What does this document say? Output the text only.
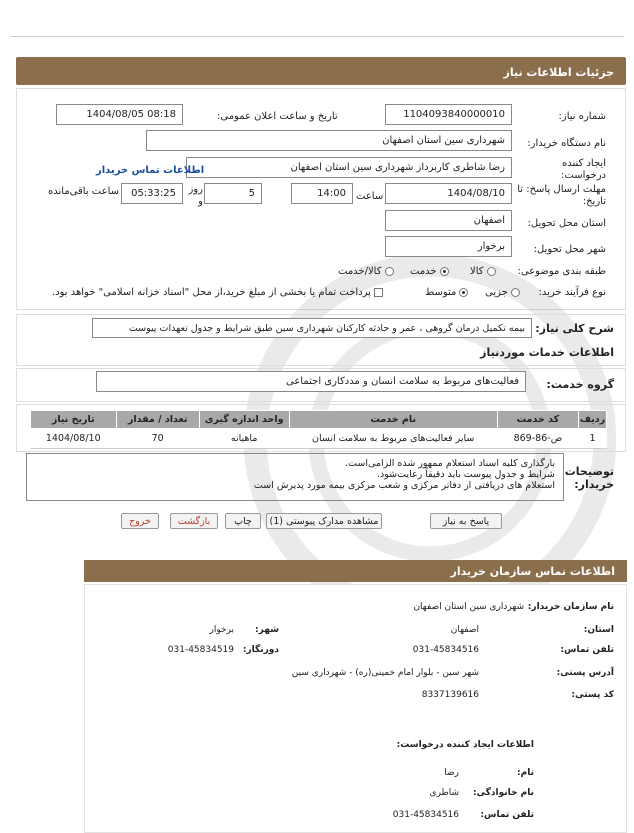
جزئیات اطلاعات نیاز
شماره نیاز:
1104093840000010
تاریخ و ساعت اعلان عمومی:
1404/08/05 08:18
نام دستگاه خریدار:
شهرداری سین استان اصفهان
ایجاد کننده درخواست:
رضا شاطری کاربرداز شهرداری سین استان اصفهان
اطلاعات تماس خریدار
مهلت ارسال پاسخ: تا تاریخ:
1404/08/10
ساعت
14:00
5
روز و
05:33:25
ساعت باقی‌مانده
استان محل تحویل:
اصفهان
شهر محل تحویل:
برخوار
طبقه بندی موضوعی:
کالا
خدمت
کالا/خدمت
نوع فرآیند خرید:
جزیی
متوسط
پرداخت تمام یا بخشی از مبلغ خرید،از محل "اسناد خزانه اسلامی" خواهد بود.
شرح کلی نیاز:
بیمه تکمیل درمان گروهی ، عمر و حادثه کارکنان شهرداری سین طبق شرایط و جدول تعهدات پیوست
اطلاعات خدمات موردنیاز
گروه خدمت:
فعالیت‌های مربوط به سلامت انسان و مددکاری اجتماعی
ردیف	کد خدمت	نام خدمت	واحد اندازه گیری	تعداد / مقدار	تاریخ نیاز
1	ص-86-869	سایر فعالیت‌های مربوط به سلامت انسان	ماهیانه	70	1404/08/10
توضیحات خریدار:
بارگذاری کلیه اسناد استعلام ممهور شده الزامی‌است.
شرایط و جدول پیوست باید دقیقاً رعایت‌شود.
استعلام های دریافتی از دفاتر مرکزی و شعب مرکزی بیمه مورد پذیرش است
پاسخ به نیاز
مشاهده مدارک پیوستی (1)
چاپ
بازگشت
خروج
اطلاعات تماس سازمان خریدار
نام سازمان خریدار:
شهرداری سین استان اصفهان
استان:
اصفهان
شهر:
برخوار
تلفن تماس:
031-45834516
دورنگار:
031-45834519
آدرس پستی:
شهر سین - بلوار امام خمینی(ره) - شهرداری سین
کد پستی:
8337139616
اطلاعات ایجاد کننده درخواست:
نام:
رضا
نام خانوادگی:
شاطری
تلفن تماس:
031-45834516
